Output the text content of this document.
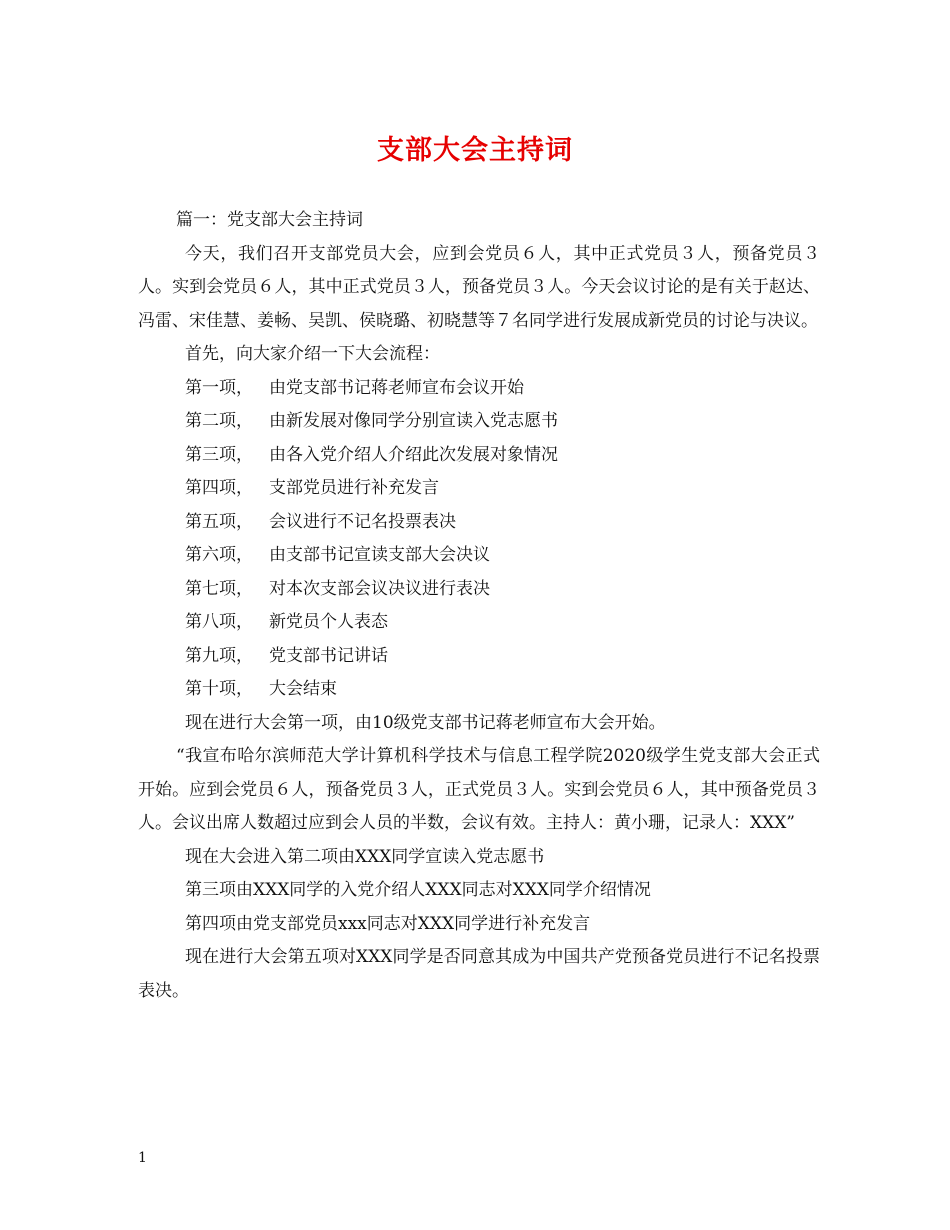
支部大会主持词

篇一：党支部大会主持词

今天，我们召开支部党员大会，应到会党员６人，其中正式党员３人，预备党员３人。实到会党员６人，其中正式党员３人，预备党员３人。今天会议讨论的是有关于赵达、冯雷、宋佳慧、姜畅、吴凯、侯晓璐、初晓慧等７名同学进行发展成新党员的讨论与决议。

首先，向大家介绍一下大会流程：

第一项， 由党支部书记蒋老师宣布会议开始
第二项， 由新发展对像同学分别宣读入党志愿书
第三项， 由各入党介绍人介绍此次发展对象情况
第四项， 支部党员进行补充发言
第五项， 会议进行不记名投票表决
第六项， 由支部书记宣读支部大会决议
第七项， 对本次支部会议决议进行表决
第八项， 新党员个人表态
第九项， 党支部书记讲话
第十项， 大会结束

现在进行大会第一项，由10级党支部书记蒋老师宣布大会开始。

“我宣布哈尔滨师范大学计算机科学技术与信息工程学院2020级学生党支部大会正式开始。应到会党员６人，预备党员３人，正式党员３人。实到会党员６人，其中预备党员３人。会议出席人数超过应到会人员的半数，会议有效。主持人：黄小珊，记录人：XXX”

现在大会进入第二项由XXX同学宣读入党志愿书

第三项由XXX同学的入党介绍人XXX同志对XXX同学介绍情况

第四项由党支部党员xxx同志对XXX同学进行补充发言

现在进行大会第五项对XXX同学是否同意其成为中国共产党预备党员进行不记名投票表决。

1
